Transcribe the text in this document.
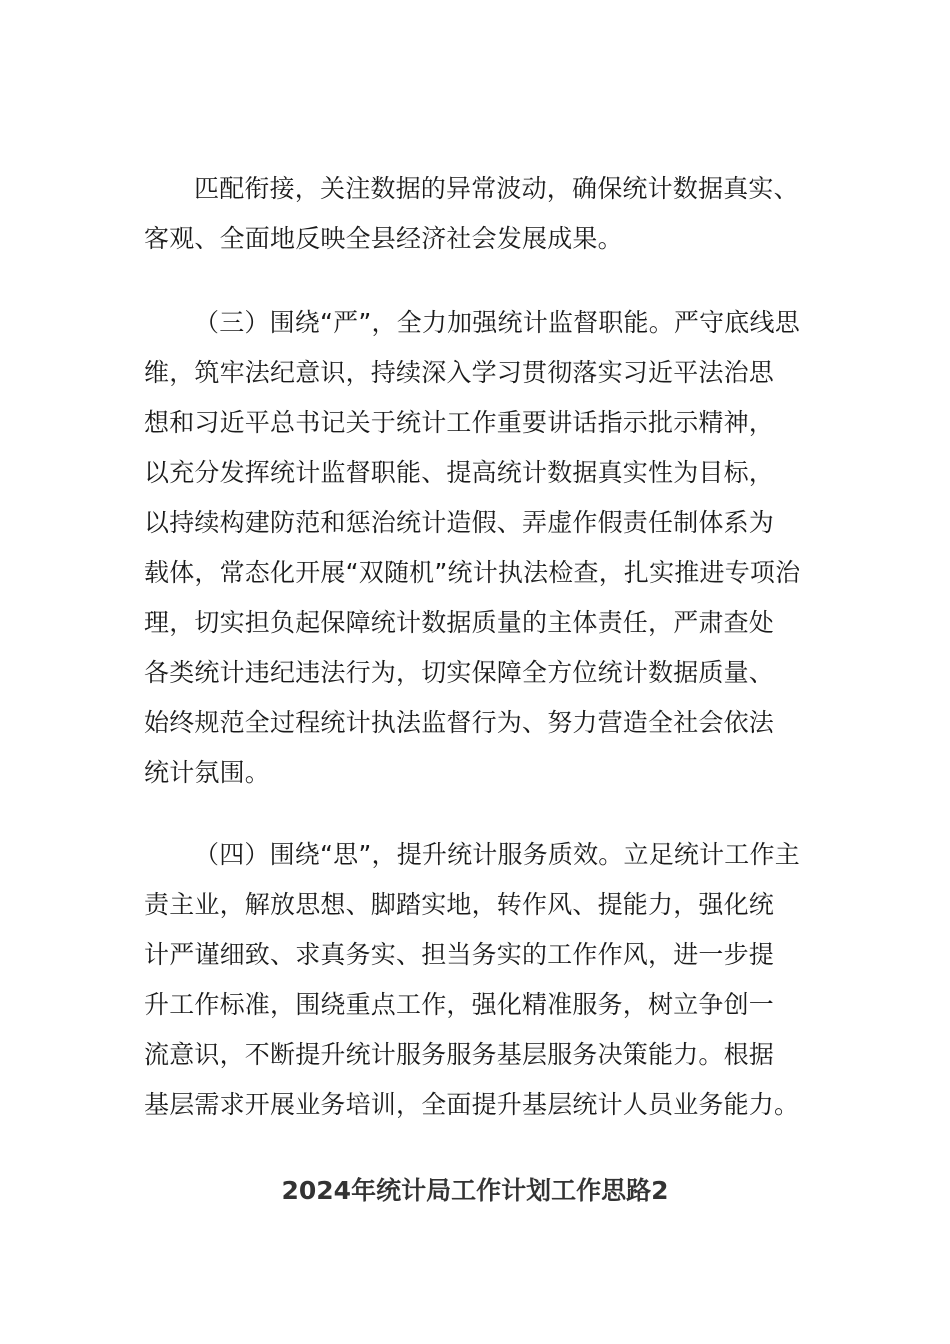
匹配衔接，关注数据的异常波动，确保统计数据真实、
客观、全面地反映全县经济社会发展成果。
（三）围绕“严”，全力加强统计监督职能。严守底线思
维，筑牢法纪意识，持续深入学习贯彻落实习近平法治思
想和习近平总书记关于统计工作重要讲话指示批示精神，
以充分发挥统计监督职能、提高统计数据真实性为目标，
以持续构建防范和惩治统计造假、弄虚作假责任制体系为
载体，常态化开展“双随机”统计执法检查，扎实推进专项治
理，切实担负起保障统计数据质量的主体责任，严肃查处
各类统计违纪违法行为，切实保障全方位统计数据质量、
始终规范全过程统计执法监督行为、努力营造全社会依法
统计氛围。
（四）围绕“思”，提升统计服务质效。立足统计工作主
责主业，解放思想、脚踏实地，转作风、提能力，强化统
计严谨细致、求真务实、担当务实的工作作风，进一步提
升工作标准，围绕重点工作，强化精准服务，树立争创一
流意识，不断提升统计服务服务基层服务决策能力。根据
基层需求开展业务培训，全面提升基层统计人员业务能力。
2024年统计局工作计划工作思路2
